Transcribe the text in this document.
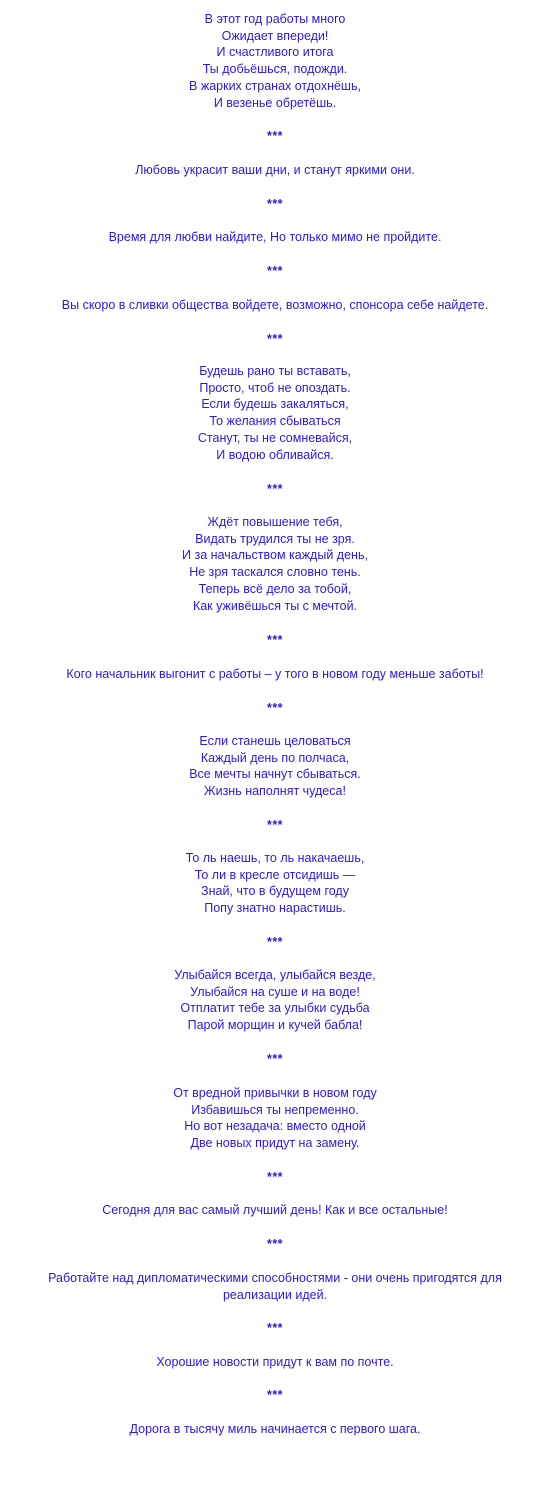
В этот год работы много
Ожидает впереди!
И счастливого итога
Ты добьёшься, подожди.
В жарких странах отдохнёшь,
И везенье обретёшь.
***
Любовь украсит ваши дни, и станут яркими они.
***
Время для любви найдите, Но только мимо не пройдите.
***
Вы скоро в сливки общества войдете, возможно, спонсора себе найдете.
***
Будешь рано ты вставать,
Просто, чтоб не опоздать.
Если будешь закаляться,
То желания сбываться
Станут, ты не сомневайся,
И водою обливайся.
***
Ждёт повышение тебя,
Видать трудился ты не зря.
И за начальством каждый день,
Не зря таскался словно тень.
Теперь всё дело за тобой,
Как уживёшься ты с мечтой.
***
Кого начальник выгонит с работы – у того в новом году меньше заботы!
***
Если станешь целоваться
Каждый день по полчаса,
Все мечты начнут сбываться.
Жизнь наполнят чудеса!
***
То ль наешь, то ль накачаешь,
То ли в кресле отсидишь —
Знай, что в будущем году
Попу знатно нарастишь.
***
Улыбайся всегда, улыбайся везде,
Улыбайся на суше и на воде!
Отплатит тебе за улыбки судьба
Парой морщин и кучей бабла!
***
От вредной привычки в новом году
Избавишься ты непременно.
Но вот незадача: вместо одной
Две новых придут на замену.
***
Сегодня для вас самый лучший день! Как и все остальные!
***
Работайте над дипломатическими способностями - они очень пригодятся для
реализации идей.
***
Хорошие новости придут к вам по почте.
***
Дорога в тысячу миль начинается с первого шага.
